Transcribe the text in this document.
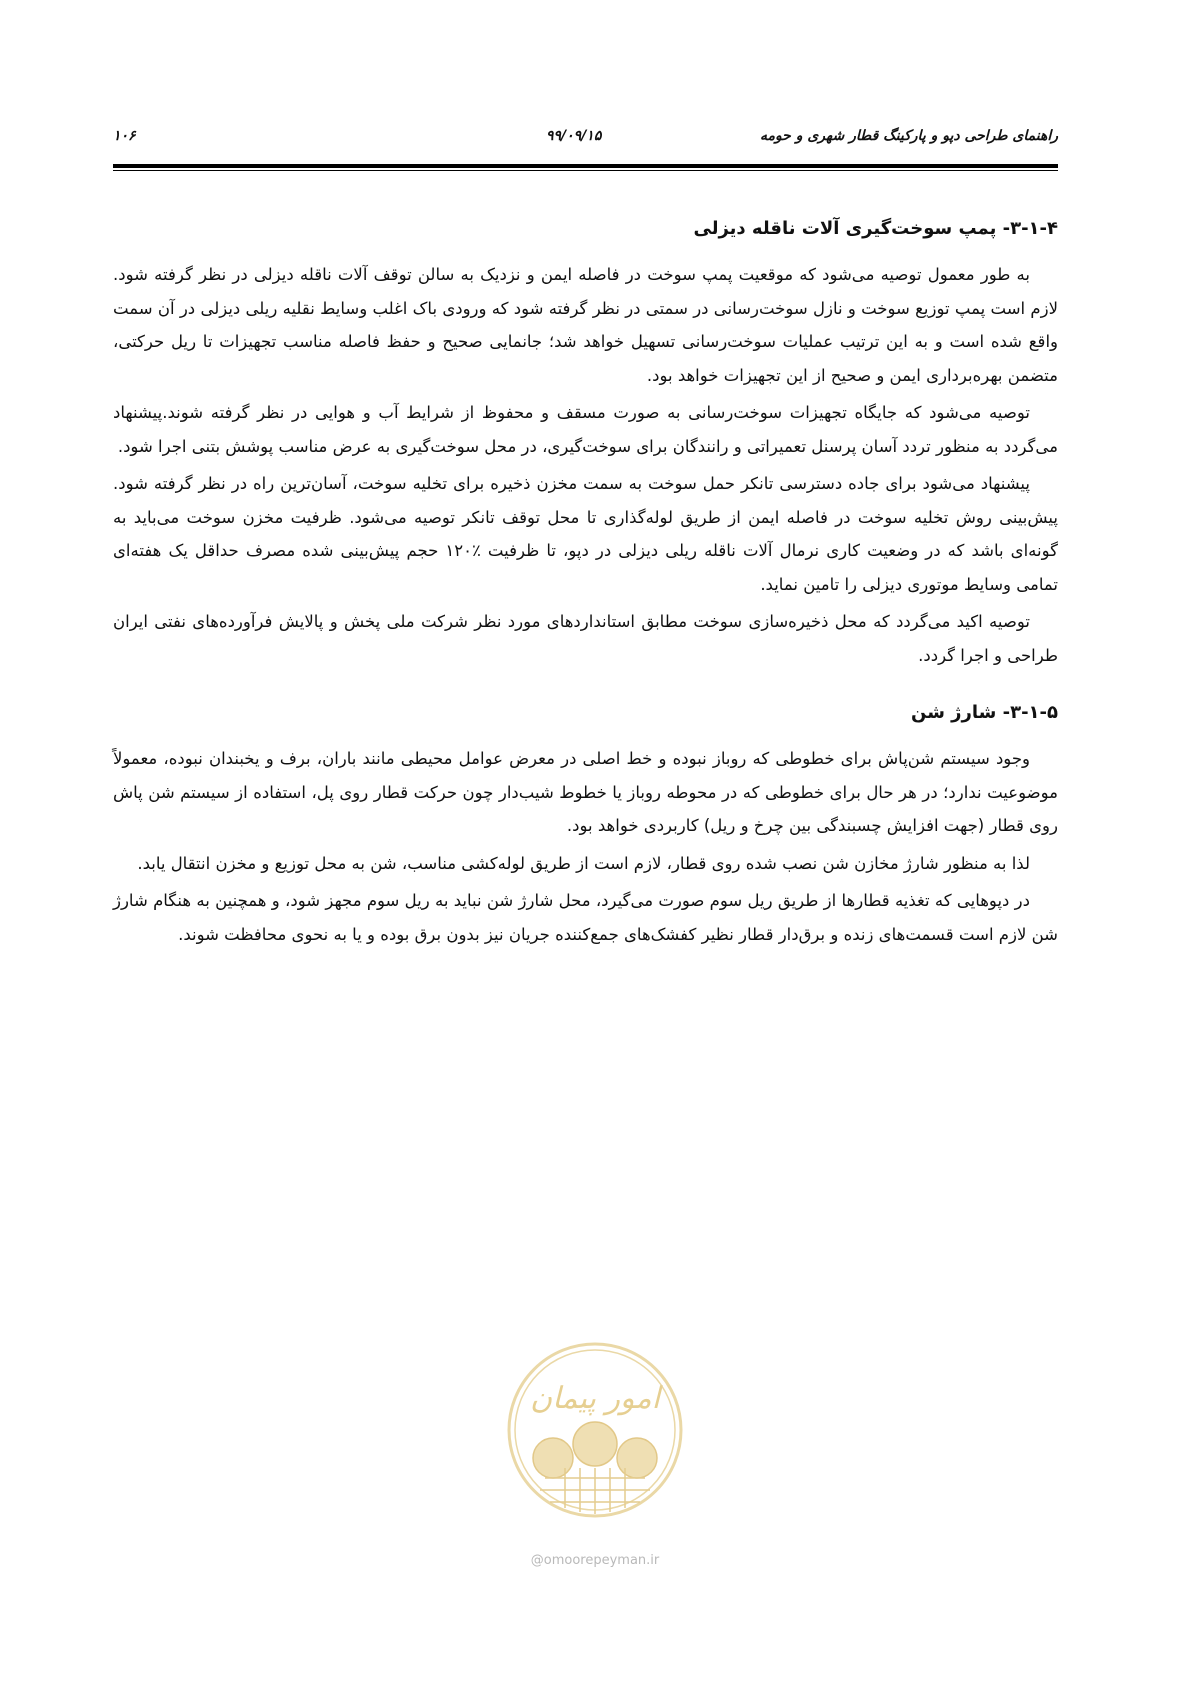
راهنمای طراحی دپو و پارکینگ قطار شهری و حومه
۹۹/۰۹/۱۵
۱۰۶
۳-۱-۴- پمپ سوخت‌گیری آلات ناقله دیزلی

به طور معمول توصیه می‌شود که موقعیت پمپ سوخت در فاصله ایمن و نزدیک به سالن توقف آلات ناقله دیزلی در نظر گرفته شود. لازم است پمپ توزیع سوخت و نازل سوخت‌رسانی در سمتی در نظر گرفته شود که ورودی باک اغلب وسایط نقلیه ریلی دیزلی در آن سمت واقع شده است و به این ترتیب عملیات سوخت‌رسانی تسهیل خواهد شد؛ جانمایی صحیح و حفظ فاصله مناسب تجهیزات تا ریل حرکتی، متضمن بهره‌برداری ایمن و صحیح از این تجهیزات خواهد بود.

توصیه می‌شود که جایگاه تجهیزات سوخت‌رسانی به صورت مسقف و محفوظ از شرایط آب و هوایی در نظر گرفته شوند.پیشنهاد می‌گردد به منظور تردد آسان پرسنل تعمیراتی و رانندگان برای سوخت‌گیری، در محل سوخت‌گیری به عرض مناسب پوشش بتنی اجرا شود.

پیشنهاد می‌شود برای جاده دسترسی تانکر حمل سوخت به سمت مخزن ذخیره برای تخلیه سوخت، آسان‌ترین راه در نظر گرفته شود. پیش‌بینی روش تخلیه سوخت در فاصله ایمن از طریق لوله‌گذاری تا محل توقف تانکر توصیه می‌شود. ظرفیت مخزن سوخت می‌باید به گونه‌ای باشد که در وضعیت کاری نرمال آلات ناقله ریلی دیزلی در دپو، تا ظرفیت ٪۱۲۰ حجم پیش‌بینی شده مصرف حداقل یک هفته‌ای تمامی وسایط موتوری دیزلی را تامین نماید.

توصیه اکید می‌گردد که محل ذخیره‌سازی سوخت مطابق استانداردهای مورد نظر شرکت ملی پخش و پالایش فرآورده‌های نفتی ایران طراحی و اجرا گردد.

۳-۱-۵- شارژ شن

وجود سیستم شن‌پاش برای خطوطی که روباز نبوده و خط اصلی در معرض عوامل محیطی مانند باران، برف و یخبندان نبوده، معمولاً موضوعیت ندارد؛ در هر حال برای خطوطی که در محوطه روباز یا خطوط شیب‌دار چون حرکت قطار روی پل، استفاده از سیستم شن پاش روی قطار (جهت افزایش چسبندگی بین چرخ و ریل) کاربردی خواهد بود.

لذا به منظور شارژ مخازن شن نصب شده روی قطار، لازم است از طریق لوله‌کشی مناسب، شن به محل توزیع و مخزن انتقال یابد.

در دپوهایی که تغذیه قطارها از طریق ریل سوم صورت می‌گیرد، محل شارژ شن نباید به ریل سوم مجهز شود، و همچنین به هنگام شارژ شن لازم است قسمت‌های زنده و برق‌دار قطار نظیر کفشک‌های جمع‌کننده جریان نیز بدون برق بوده و یا به نحوی محافظت شوند.

امور پیمان
@omoorepeyman.ir
